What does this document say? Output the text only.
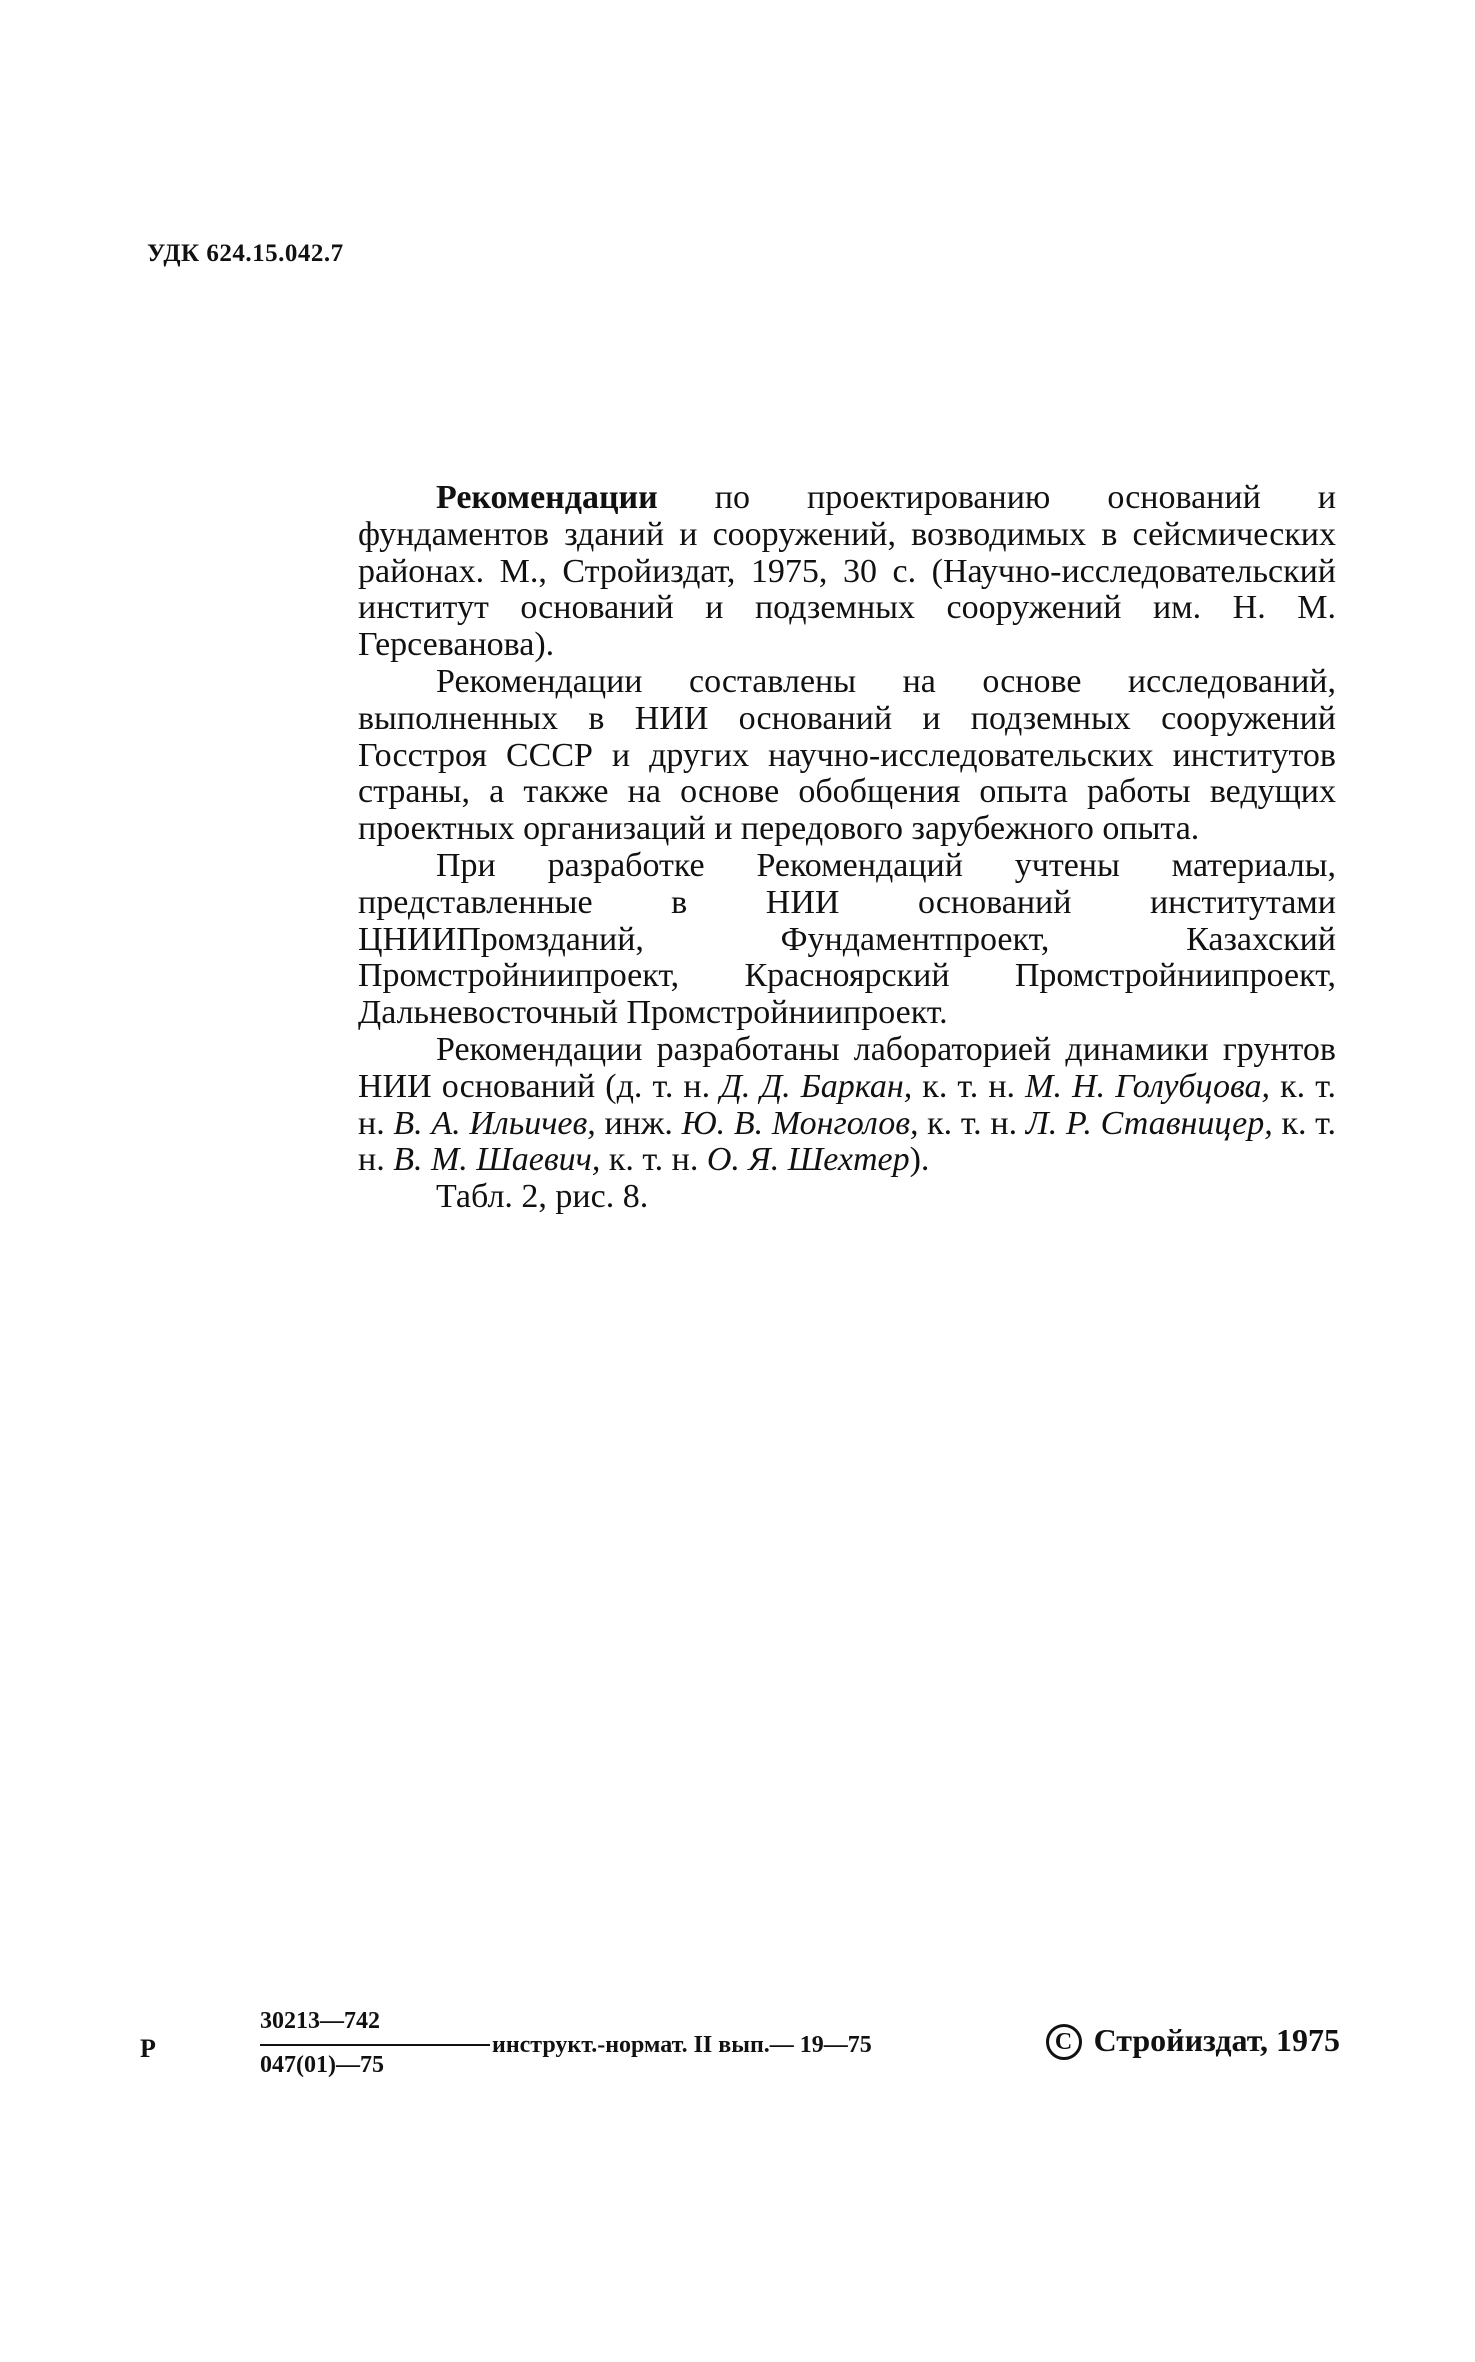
УДК 624.15.042.7

Рекомендации по проектированию оснований и фундаментов зданий и сооружений, возводимых в сейсмических районах. М., Стройиздат, 1975, 30 с. (Научно-исследовательский институт оснований и подземных сооружений им. Н. М. Герсеванова).

Рекомендации составлены на основе исследований, выполненных в НИИ оснований и подземных сооружений Госстроя СССР и других научно-исследовательских институтов страны, а также на основе обобщения опыта работы ведущих проектных организаций и передового зарубежного опыта.

При разработке Рекомендаций учтены материалы, представленные в НИИ оснований институтами ЦНИИПромзданий, Фундаментпроект, Казахский Промстройниипроект, Красноярский Промстройниипроект, Дальневосточный Промстройниипроект.

Рекомендации разработаны лабораторией динамики грунтов НИИ оснований (д. т. н. Д. Д. Баркан, к. т. н. М. Н. Голубцова, к. т. н. В. А. Ильичев, инж. Ю. В. Монголов, к. т. н. Л. Р. Ставницер, к. т. н. В. М. Шаевич, к. т. н. О. Я. Шехтер).

Табл. 2, рис. 8.

Р
30213—742
047(01)—75
инструкт.-нормат. II вып.— 19—75	C Стройиздат, 1975
